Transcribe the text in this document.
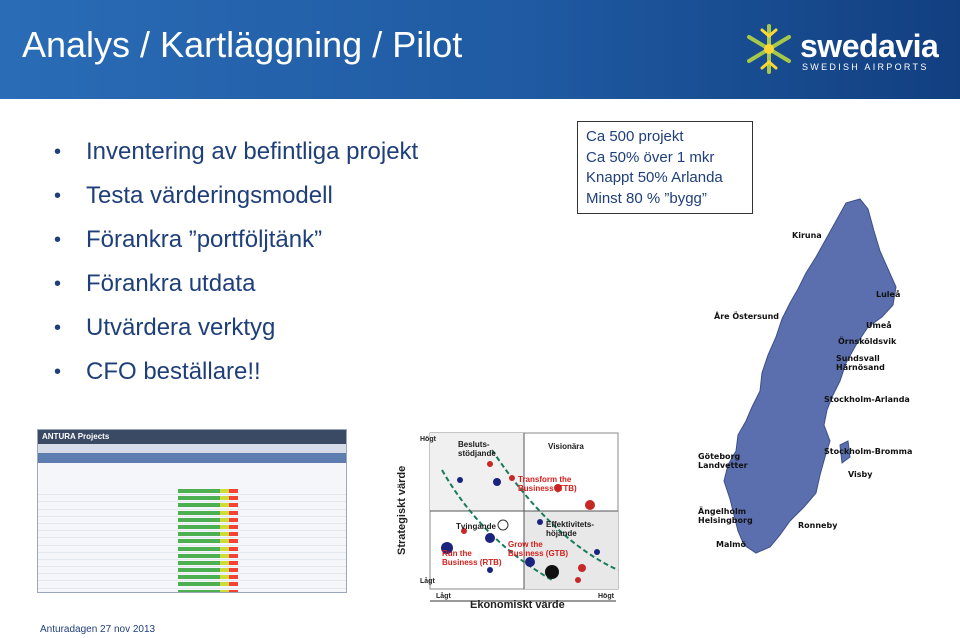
Analys / Kartläggning / Pilot	swedavia
SWEDISH AIRPORTS
• Inventering av befintliga projekt
• Testa värderingsmodell
• Förankra ”portföljtänk”
• Förankra utdata
• Utvärdera verktyg
• CFO beställare!!
Ca 500 projekt
Ca 50% över 1 mkr
Knappt 50% Arlanda
Minst 80 % ”bygg”
Kiruna
Luleå
Åre Östersund
Umeå
Örnsköldsvik
Sundsvall Härnösand
Stockholm-Arlanda
Göteborg Landvetter
Stockholm-Bromma
Visby
Ängelholm Helsingborg
Ronneby
Malmö
ANTURA Projects
Besluts-
stödjande
Visionära
Transform the
Business (TTB)
Tvingande	Effektivitets-
höjande
Grow the
Business (GTB)
Run the
Business (RTB)
Högt
Lågt
Lågt	Högt
Strategiskt värde
Ekonomiskt värde
Anturadagen 27 nov 2013
